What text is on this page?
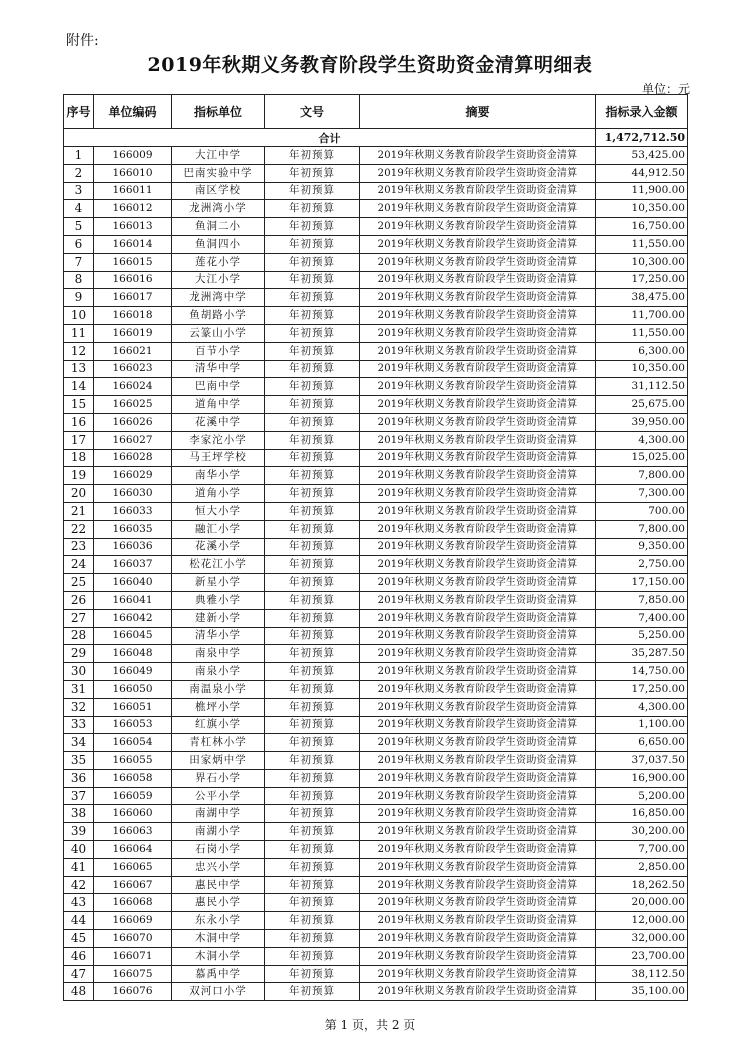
附件:
2019年秋期义务教育阶段学生资助资金清算明细表
单位：元
序号	单位编码	指标单位	文号	摘要	指标录入金额
合计					1,472,712.50
1	166009	大江中学	年初预算	2019年秋期义务教育阶段学生资助资金清算	53,425.00
2	166010	巴南实验中学	年初预算	2019年秋期义务教育阶段学生资助资金清算	44,912.50
3	166011	南区学校	年初预算	2019年秋期义务教育阶段学生资助资金清算	11,900.00
4	166012	龙洲湾小学	年初预算	2019年秋期义务教育阶段学生资助资金清算	10,350.00
5	166013	鱼洞二小	年初预算	2019年秋期义务教育阶段学生资助资金清算	16,750.00
6	166014	鱼洞四小	年初预算	2019年秋期义务教育阶段学生资助资金清算	11,550.00
7	166015	莲花小学	年初预算	2019年秋期义务教育阶段学生资助资金清算	10,300.00
8	166016	大江小学	年初预算	2019年秋期义务教育阶段学生资助资金清算	17,250.00
9	166017	龙洲湾中学	年初预算	2019年秋期义务教育阶段学生资助资金清算	38,475.00
10	166018	鱼胡路小学	年初预算	2019年秋期义务教育阶段学生资助资金清算	11,700.00
11	166019	云篆山小学	年初预算	2019年秋期义务教育阶段学生资助资金清算	11,550.00
12	166021	百节小学	年初预算	2019年秋期义务教育阶段学生资助资金清算	6,300.00
13	166023	清华中学	年初预算	2019年秋期义务教育阶段学生资助资金清算	10,350.00
14	166024	巴南中学	年初预算	2019年秋期义务教育阶段学生资助资金清算	31,112.50
15	166025	道角中学	年初预算	2019年秋期义务教育阶段学生资助资金清算	25,675.00
16	166026	花溪中学	年初预算	2019年秋期义务教育阶段学生资助资金清算	39,950.00
17	166027	李家沱小学	年初预算	2019年秋期义务教育阶段学生资助资金清算	4,300.00
18	166028	马王坪学校	年初预算	2019年秋期义务教育阶段学生资助资金清算	15,025.00
19	166029	南华小学	年初预算	2019年秋期义务教育阶段学生资助资金清算	7,800.00
20	166030	道角小学	年初预算	2019年秋期义务教育阶段学生资助资金清算	7,300.00
21	166033	恒大小学	年初预算	2019年秋期义务教育阶段学生资助资金清算	700.00
22	166035	融汇小学	年初预算	2019年秋期义务教育阶段学生资助资金清算	7,800.00
23	166036	花溪小学	年初预算	2019年秋期义务教育阶段学生资助资金清算	9,350.00
24	166037	松花江小学	年初预算	2019年秋期义务教育阶段学生资助资金清算	2,750.00
25	166040	新星小学	年初预算	2019年秋期义务教育阶段学生资助资金清算	17,150.00
26	166041	典雅小学	年初预算	2019年秋期义务教育阶段学生资助资金清算	7,850.00
27	166042	建新小学	年初预算	2019年秋期义务教育阶段学生资助资金清算	7,400.00
28	166045	清华小学	年初预算	2019年秋期义务教育阶段学生资助资金清算	5,250.00
29	166048	南泉中学	年初预算	2019年秋期义务教育阶段学生资助资金清算	35,287.50
30	166049	南泉小学	年初预算	2019年秋期义务教育阶段学生资助资金清算	14,750.00
31	166050	南温泉小学	年初预算	2019年秋期义务教育阶段学生资助资金清算	17,250.00
32	166051	樵坪小学	年初预算	2019年秋期义务教育阶段学生资助资金清算	4,300.00
33	166053	红旗小学	年初预算	2019年秋期义务教育阶段学生资助资金清算	1,100.00
34	166054	青杠林小学	年初预算	2019年秋期义务教育阶段学生资助资金清算	6,650.00
35	166055	田家炳中学	年初预算	2019年秋期义务教育阶段学生资助资金清算	37,037.50
36	166058	界石小学	年初预算	2019年秋期义务教育阶段学生资助资金清算	16,900.00
37	166059	公平小学	年初预算	2019年秋期义务教育阶段学生资助资金清算	5,200.00
38	166060	南湖中学	年初预算	2019年秋期义务教育阶段学生资助资金清算	16,850.00
39	166063	南湖小学	年初预算	2019年秋期义务教育阶段学生资助资金清算	30,200.00
40	166064	石岗小学	年初预算	2019年秋期义务教育阶段学生资助资金清算	7,700.00
41	166065	忠兴小学	年初预算	2019年秋期义务教育阶段学生资助资金清算	2,850.00
42	166067	惠民中学	年初预算	2019年秋期义务教育阶段学生资助资金清算	18,262.50
43	166068	惠民小学	年初预算	2019年秋期义务教育阶段学生资助资金清算	20,000.00
44	166069	东永小学	年初预算	2019年秋期义务教育阶段学生资助资金清算	12,000.00
45	166070	木洞中学	年初预算	2019年秋期义务教育阶段学生资助资金清算	32,000.00
46	166071	木洞小学	年初预算	2019年秋期义务教育阶段学生资助资金清算	23,700.00
47	166075	慕禹中学	年初预算	2019年秋期义务教育阶段学生资助资金清算	38,112.50
48	166076	双河口小学	年初预算	2019年秋期义务教育阶段学生资助资金清算	35,100.00
第 1 页，共 2 页
